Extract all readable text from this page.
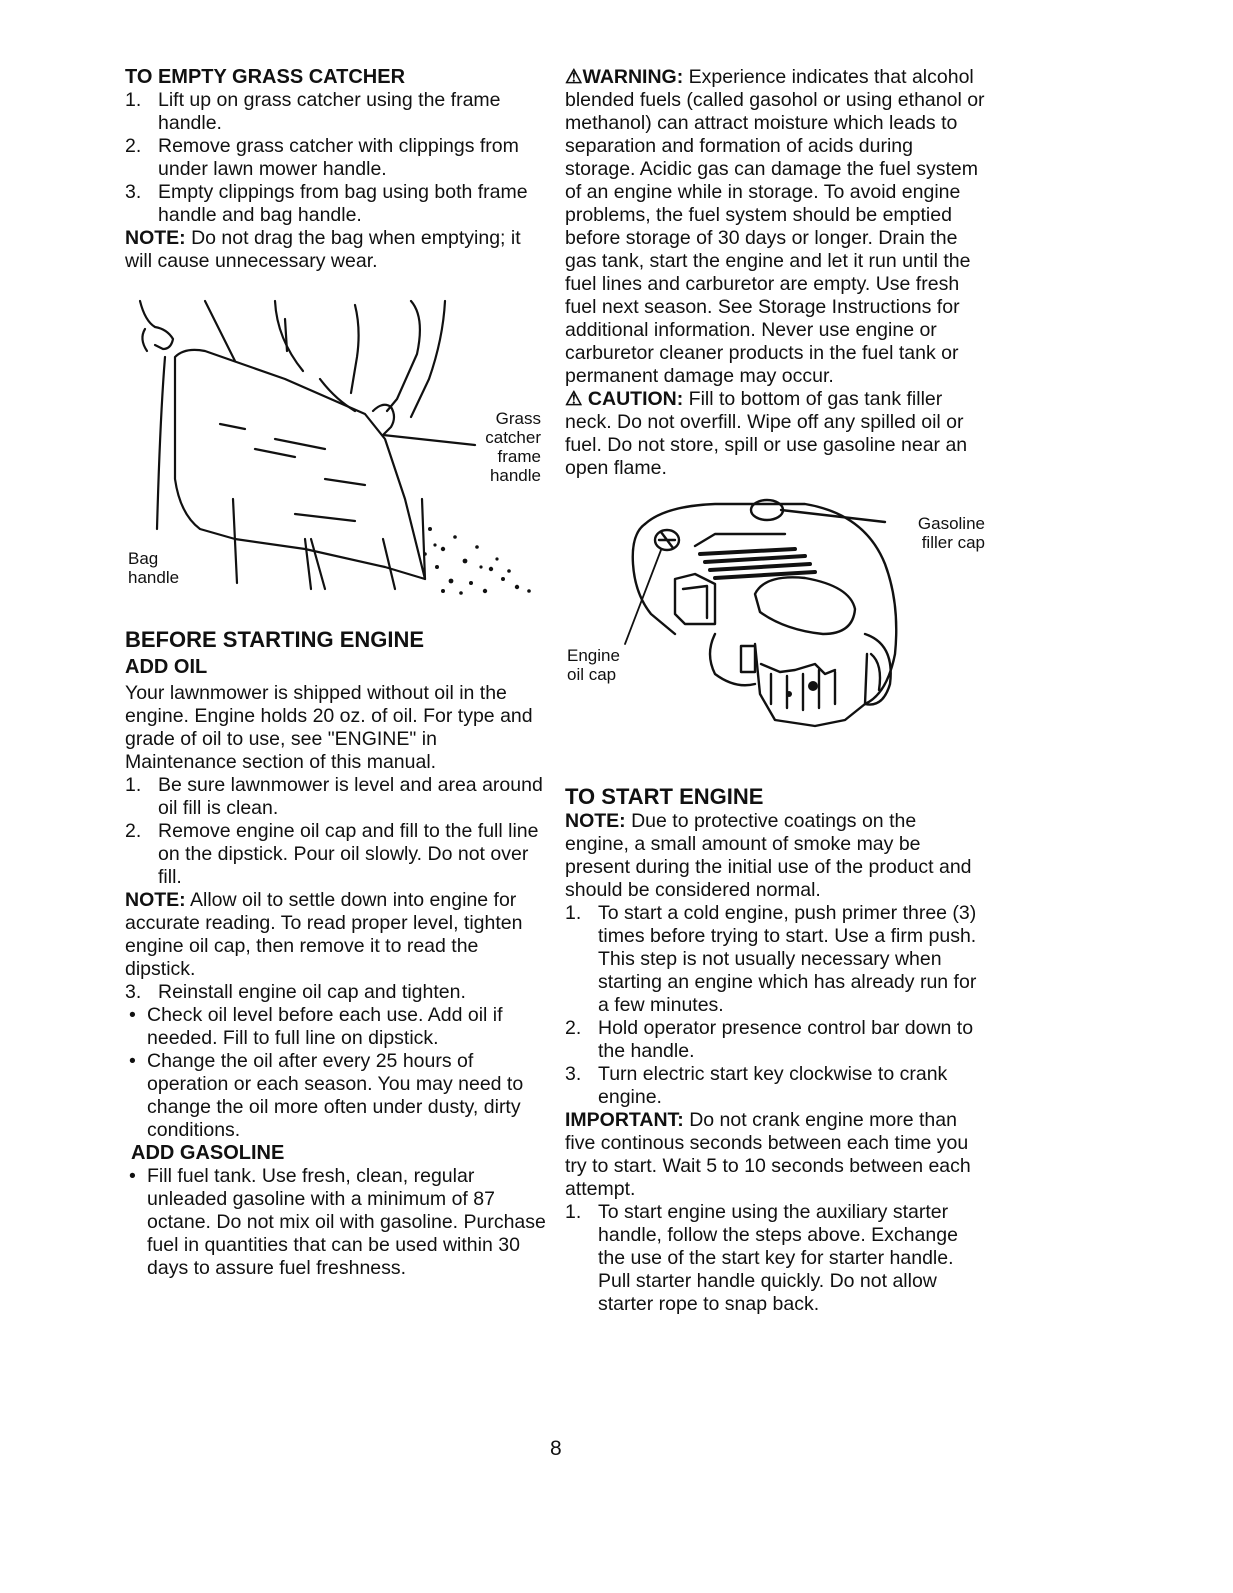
TO EMPTY GRASS CATCHER
1. Lift up on grass catcher using the frame handle.
2. Remove grass catcher with clippings from under lawn mower handle.
3. Empty clippings from bag using both frame handle and bag handle.

NOTE: Do not drag the bag when emptying; it will cause unnecessary wear.

Grass catcher frame handle
Bag handle
BEFORE STARTING ENGINE
ADD OIL

Your lawnmower is shipped without oil in the engine. Engine holds 20 oz. of oil. For type and grade of oil to use, see "ENGINE" in Maintenance section of this manual.

1. Be sure lawnmower is level and area around oil fill is clean.
2. Remove engine oil cap and fill to the full line on the dipstick. Pour oil slowly. Do not over fill.

NOTE: Allow oil to settle down into engine for accurate reading. To read proper level, tighten engine oil cap, then remove it to read the dipstick.

3. Reinstall engine oil cap and tighten.
• Check oil level before each use. Add oil if needed. Fill to full line on dipstick.
• Change the oil after every 25 hours of operation or each season. You may need to change the oil more often under dusty, dirty conditions.
ADD GASOLINE
• Fill fuel tank. Use fresh, clean, regular unleaded gasoline with a minimum of 87 octane. Do not mix oil with gasoline. Purchase fuel in quantities that can be used within 30 days to assure fuel freshness.

⚠WARNING: Experience indicates that alcohol blended fuels (called gasohol or using ethanol or methanol) can attract moisture which leads to separation and formation of acids during storage. Acidic gas can damage the fuel system of an engine while in storage. To avoid engine problems, the fuel system should be emptied before storage of 30 days or longer. Drain the gas tank, start the engine and let it run until the fuel lines and carburetor are empty. Use fresh fuel next season. See Storage Instructions for additional information. Never use engine or carburetor cleaner products in the fuel tank or permanent damage may occur.

⚠ CAUTION: Fill to bottom of gas tank filler neck. Do not overfill. Wipe off any spilled oil or fuel. Do not store, spill or use gasoline near an open flame.

Gasoline filler cap
Engine oil cap
TO START ENGINE

NOTE: Due to protective coatings on the engine, a small amount of smoke may be present during the initial use of the product and should be considered normal.

1. To start a cold engine, push primer three (3) times before trying to start. Use a firm push. This step is not usually necessary when starting an engine which has already run for a few minutes.
2. Hold operator presence control bar down to the handle.
3. Turn electric start key clockwise to crank engine.

IMPORTANT: Do not crank engine more than five continous seconds between each time you try to start. Wait 5 to 10 seconds between each attempt.

1. To start engine using the auxiliary starter handle, follow the steps above. Exchange the use of the start key for starter handle. Pull starter handle quickly. Do not allow starter rope to snap back.
8
